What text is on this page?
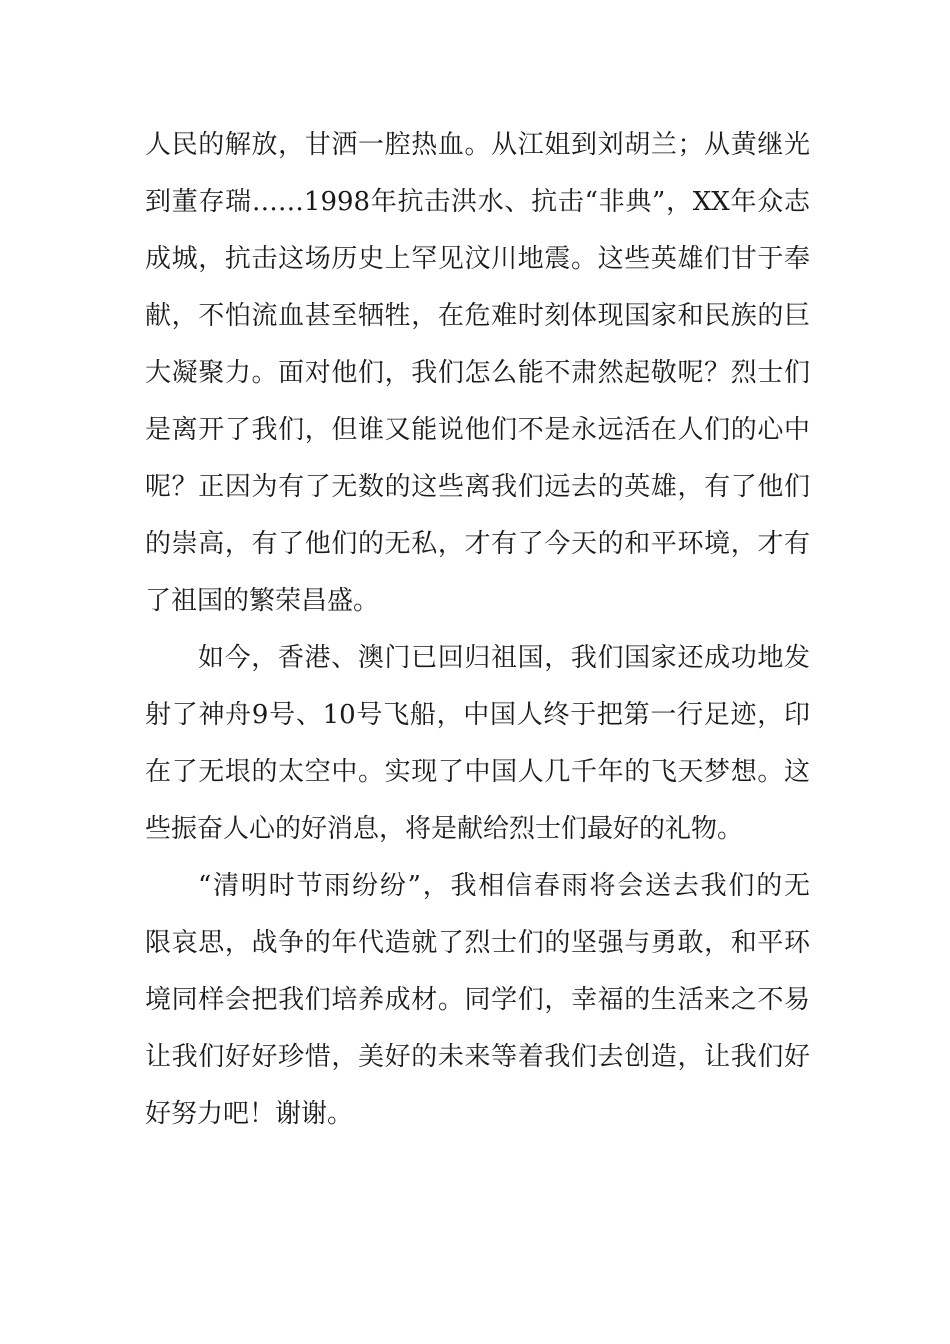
人民的解放，甘洒一腔热血。从江姐到刘胡兰；从黄继光
到董存瑞……1998年抗击洪水、抗击“非典”，XX年众志
成城，抗击这场历史上罕见汶川地震。这些英雄们甘于奉
献，不怕流血甚至牺牲，在危难时刻体现国家和民族的巨
大凝聚力。面对他们，我们怎么能不肃然起敬呢？烈士们
是离开了我们，但谁又能说他们不是永远活在人们的心中
呢？正因为有了无数的这些离我们远去的英雄，有了他们
的崇高，有了他们的无私，才有了今天的和平环境，才有
了祖国的繁荣昌盛。
如今，香港、澳门已回归祖国，我们国家还成功地发
射了神舟9号、10号飞船，中国人终于把第一行足迹，印
在了无垠的太空中。实现了中国人几千年的飞天梦想。这
些振奋人心的好消息，将是献给烈士们最好的礼物。
“清明时节雨纷纷”，我相信春雨将会送去我们的无
限哀思，战争的年代造就了烈士们的坚强与勇敢，和平环
境同样会把我们培养成材。同学们，幸福的生活来之不易
让我们好好珍惜，美好的未来等着我们去创造，让我们好
好努力吧！谢谢。
